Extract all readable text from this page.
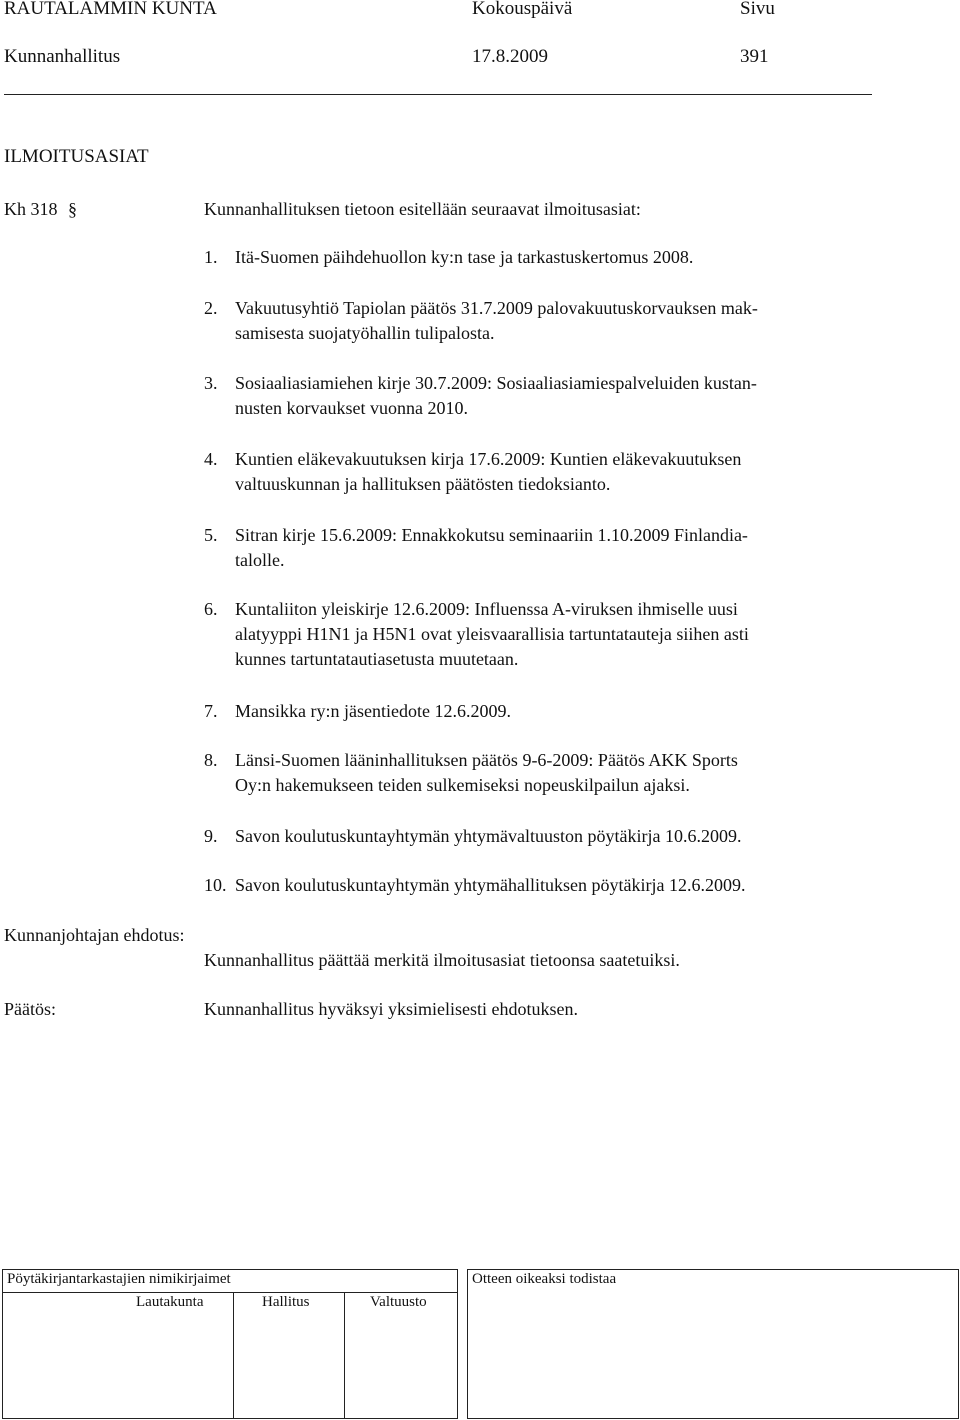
RAUTALAMMIN KUNTA	Kokouspäivä	Sivu
Kunnanhallitus	17.8.2009	391
ILMOITUSASIAT
Kh 318 §	Kunnanhallituksen tietoon esitellään seuraavat ilmoitusasiat:
1. Itä-Suomen päihdehuollon ky:n tase ja tarkastuskertomus 2008.
2. Vakuutusyhtiö Tapiolan päätös 31.7.2009 palovakuutuskorvauksen mak-
samisesta suojatyöhallin tulipalosta.
3. Sosiaaliasiamiehen kirje 30.7.2009: Sosiaaliasiamiespalveluiden kustan-
nusten korvaukset vuonna 2010.
4. Kuntien eläkevakuutuksen kirja 17.6.2009: Kuntien eläkevakuutuksen
valtuuskunnan ja hallituksen päätösten tiedoksianto.
5. Sitran kirje 15.6.2009: Ennakkokutsu seminaariin 1.10.2009 Finlandia-
talolle.
6. Kuntaliiton yleiskirje 12.6.2009: Influenssa A-viruksen ihmiselle uusi
alatyyppi H1N1 ja H5N1 ovat yleisvaarallisia tartuntatauteja siihen asti
kunnes tartuntatautiasetusta muutetaan.
7. Mansikka ry:n jäsentiedote 12.6.2009.
8. Länsi-Suomen lääninhallituksen päätös 9-6-2009: Päätös AKK Sports
Oy:n hakemukseen teiden sulkemiseksi nopeuskilpailun ajaksi.
9. Savon koulutuskuntayhtymän yhtymävaltuuston pöytäkirja 10.6.2009.
10. Savon koulutuskuntayhtymän yhtymähallituksen pöytäkirja 12.6.2009.
Kunnanjohtajan ehdotus:
Kunnanhallitus päättää merkitä ilmoitusasiat tietoonsa saatetuiksi.
Päätös:	Kunnanhallitus hyväksyi yksimielisesti ehdotuksen.
Pöytäkirjantarkastajien nimikirjaimet
Lautakunta	Hallitus	Valtuusto
Otteen oikeaksi todistaa
